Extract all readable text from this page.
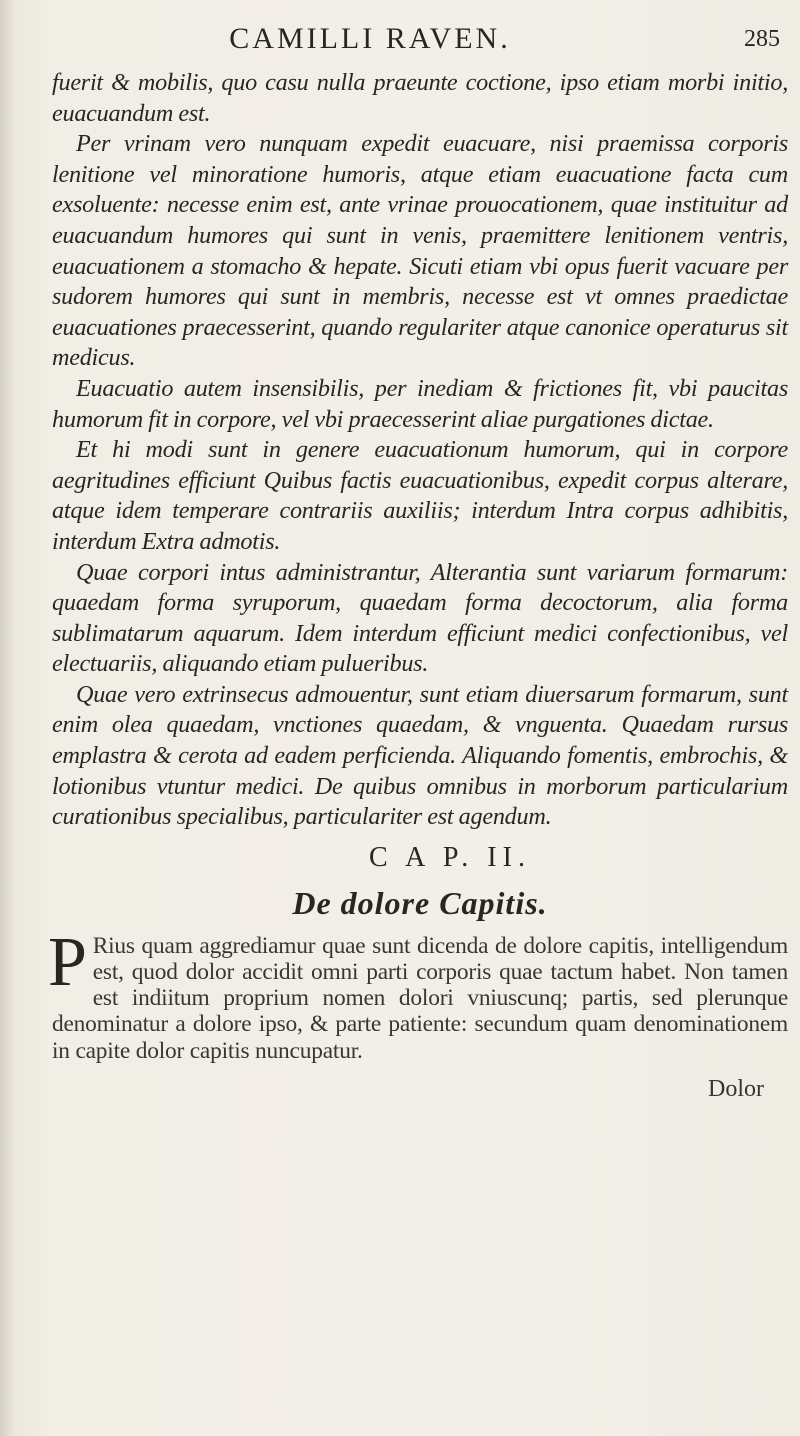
CAMILLI RAVEN.	285

fuerit & mobilis, quo casu nulla praeunte coctione, ipso etiam morbi initio, euacuandum est.

Per vrinam vero nunquam expedit euacuare, nisi praemissa corporis lenitione vel minoratione humoris, atque etiam euacuatione facta cum exsoluente: necesse enim est, ante vrinae prouocationem, quae instituitur ad euacuandum humores qui sunt in venis, praemittere lenitionem ventris, euacuationem a stomacho & hepate. Sicuti etiam vbi opus fuerit vacuare per sudorem humores qui sunt in membris, necesse est vt omnes praedictae euacuationes praecesserint, quando regulariter atque canonice operaturus sit medicus.

Euacuatio autem insensibilis, per inediam & frictiones fit, vbi paucitas humorum fit in corpore, vel vbi praecesserint aliae purgationes dictae.

Et hi modi sunt in genere euacuationum humorum, qui in corpore aegritudines efficiunt Quibus factis euacuationibus, expedit corpus alterare, atque idem temperare contrariis auxiliis; interdum Intra corpus adhibitis, interdum Extra admotis.

Quae corpori intus administrantur, Alterantia sunt variarum formarum: quaedam forma syruporum, quaedam forma decoctorum, alia forma sublimatarum aquarum. Idem interdum efficiunt medici confectionibus, vel electuariis, aliquando etiam pulueribus.

Quae vero extrinsecus admouentur, sunt etiam diuersarum formarum, sunt enim olea quaedam, vnctiones quaedam, & vnguenta. Quaedam rursus emplastra & cerota ad eadem perficienda. Aliquando fomentis, embrochis, & lotionibus vtuntur medici. De quibus omnibus in morborum particularium curationibus specialibus, particulariter est agendum.

C A P. II.
De dolore Capitis.

P Rius quam aggrediamur quae sunt dicenda de dolore capitis, intelligendum est, quod dolor accidit omni parti corporis quae tactum habet. Non tamen est indiitum proprium nomen dolori vniuscunq; partis, sed plerunque denominatur a dolore ipso, & parte patiente: secundum quam denominationem in capite dolor capitis nuncupatur.

Dolor
